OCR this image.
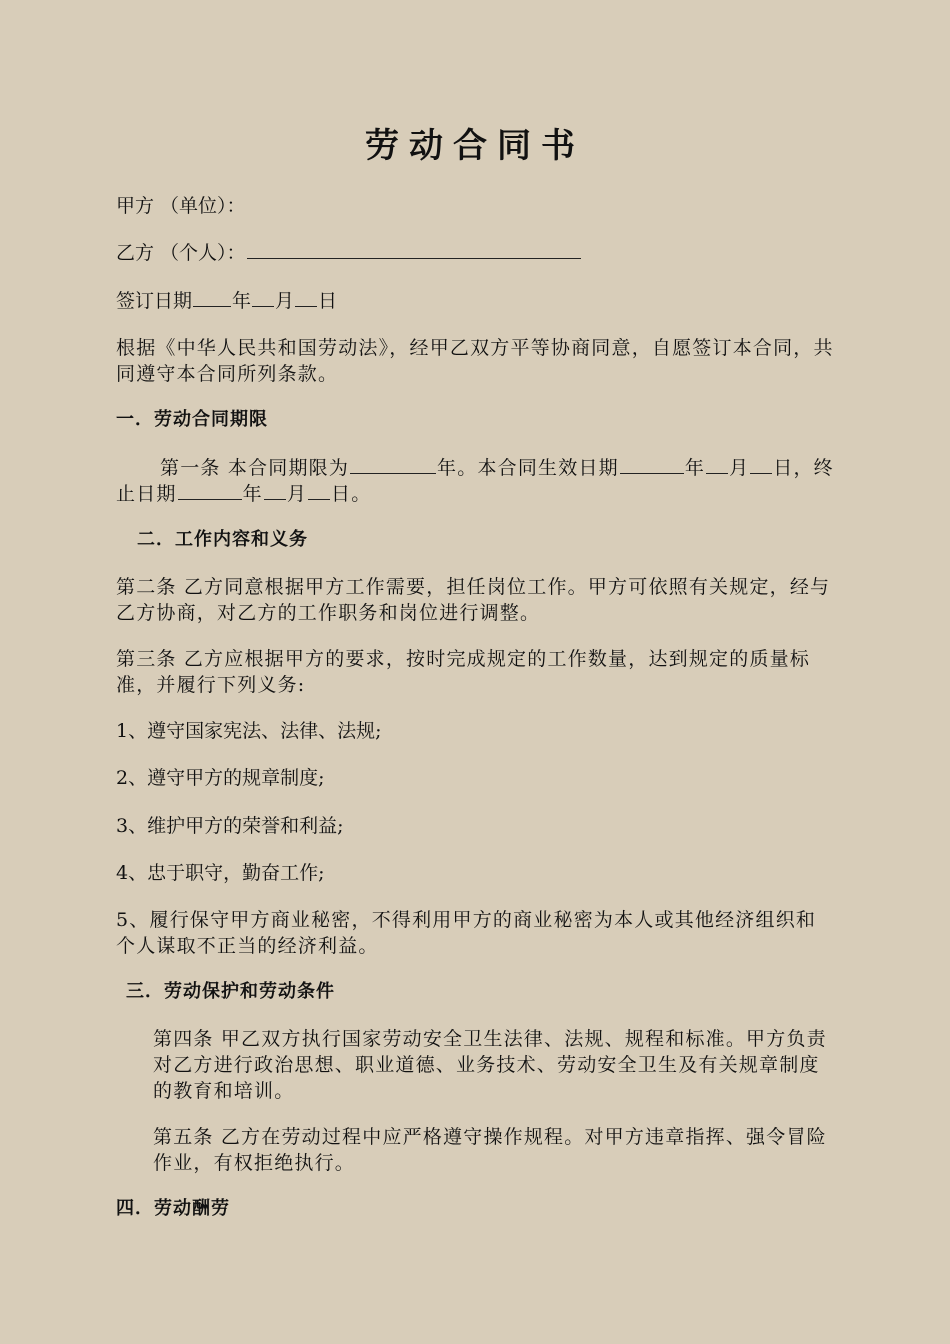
劳动合同书
甲方 （单位）：
乙方 （个人）：
签订日期 年 月 日
根据《中华人民共和国劳动法》，经甲乙双方平等协商同意，自愿签订本合同，共同遵守本合同所列条款。
一．劳动合同期限
第一条 本合同期限为	年。本合同生效日期	年 月 日，终止日期	年 月 日。
二．工作内容和义务
第二条 乙方同意根据甲方工作需要，担任岗位工作。甲方可依照有关规定，经与乙方协商，对乙方的工作职务和岗位进行调整。
第三条 乙方应根据甲方的要求，按时完成规定的工作数量，达到规定的质量标准，并履行下列义务:
1、遵守国家宪法、法律、法规;
2、遵守甲方的规章制度;
3、维护甲方的荣誉和利益;
4、忠于职守，勤奋工作;
5、履行保守甲方商业秘密，不得利用甲方的商业秘密为本人或其他经济组织和个人谋取不正当的经济利益。
三．劳动保护和劳动条件
第四条 甲乙双方执行国家劳动安全卫生法律、法规、规程和标准。甲方负责对乙方进行政治思想、职业道德、业务技术、劳动安全卫生及有关规章制度的教育和培训。
第五条 乙方在劳动过程中应严格遵守操作规程。对甲方违章指挥、强令冒险作业，有权拒绝执行。
四．劳动酬劳
